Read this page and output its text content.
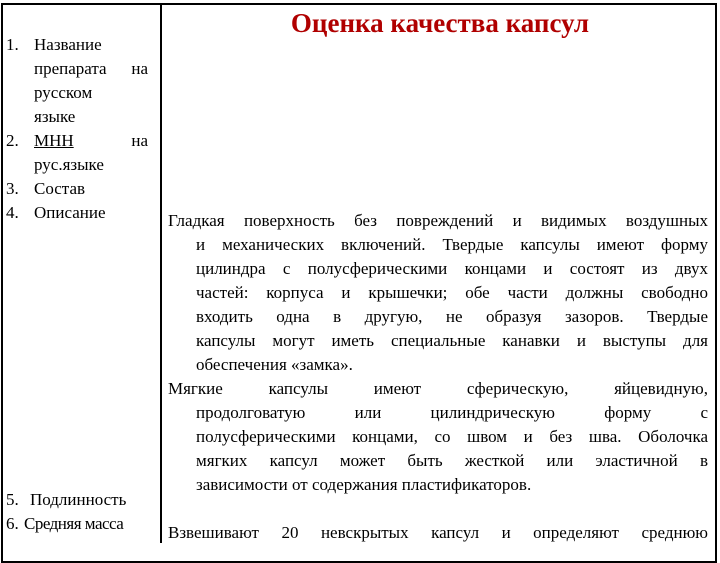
Оценка качества капсул
1. Название
препарата на
русском
языке
2. МНН	на
рус.языке
3. Состав
4. Описание
5. Подлинность
6. Средняя масса
Гладкая поверхность без повреждений и видимых воздушных
и механических включений. Твердые капсулы имеют форму
цилиндра с полусферическими концами и состоят из двух
частей: корпуса и крышечки; обе части должны свободно
входить одна в другую, не образуя зазоров. Твердые
капсулы могут иметь специальные канавки и выступы для
обеспечения «замка».
Мягкие капсулы имеют сферическую, яйцевидную,
продолговатую или цилиндрическую форму с
полусферическими концами, со швом и без шва. Оболочка
мягких капсул может быть жесткой или эластичной в
зависимости от содержания пластификаторов.
Взвешивают 20 невскрытых капсул и определяют среднюю
